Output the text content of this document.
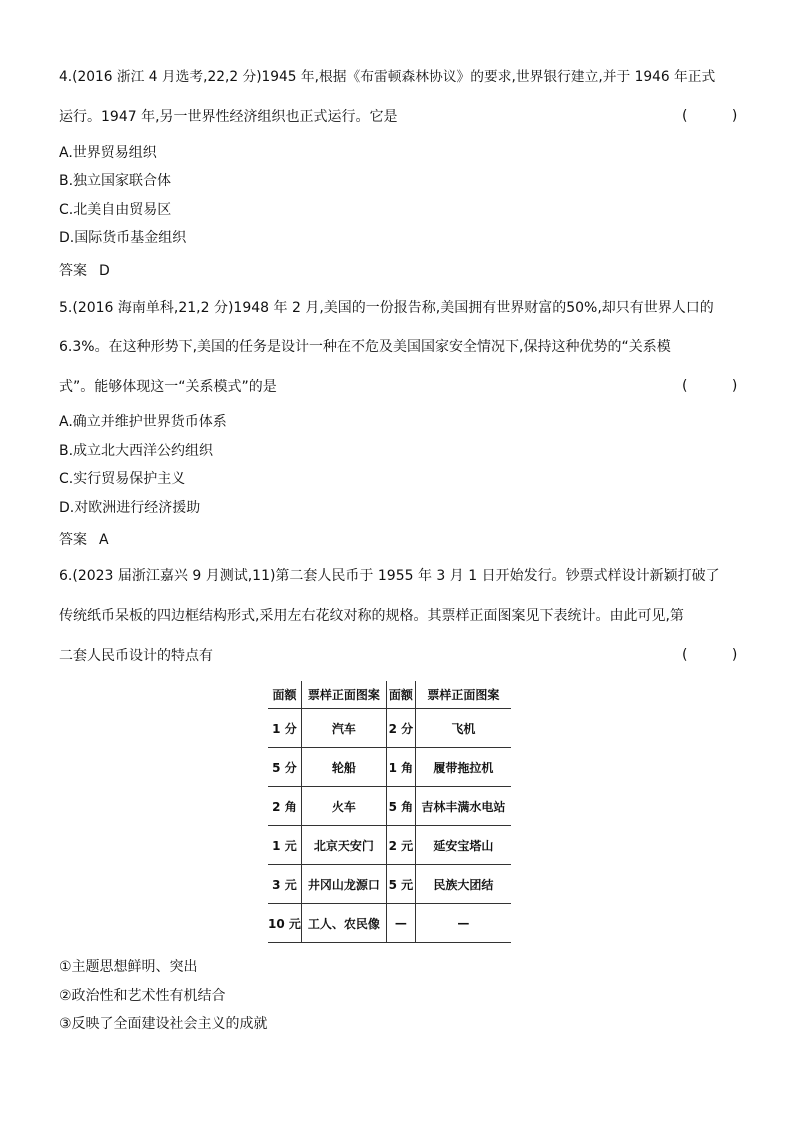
4.(2016 浙江 4 月选考,22,2 分)1945 年,根据《布雷顿森林协议》的要求,世界银行建立,并于 1946 年正式
运行。1947 年,另一世界性经济组织也正式运行。它是	( )
A.世界贸易组织
B.独立国家联合体
C.北美自由贸易区
D.国际货币基金组织
答案 D
5.(2016 海南单科,21,2 分)1948 年 2 月,美国的一份报告称,美国拥有世界财富的50%,却只有世界人口的
6.3%。在这种形势下,美国的任务是设计一种在不危及美国国家安全情况下,保持这种优势的“关系模
式”。能够体现这一“关系模式”的是	( )
A.确立并维护世界货币体系
B.成立北大西洋公约组织
C.实行贸易保护主义
D.对欧洲进行经济援助
答案 A
6.(2023 届浙江嘉兴 9 月测试,11)第二套人民币于 1955 年 3 月 1 日开始发行。钞票式样设计新颖打破了
传统纸币呆板的四边框结构形式,采用左右花纹对称的规格。其票样正面图案见下表统计。由此可见,第
二套人民币设计的特点有	( )
面额	票样正面图案	面额	票样正面图案
1 分	汽车	2 分	飞机
5 分	轮船	1 角	履带拖拉机
2 角	火车	5 角	吉林丰满水电站
1 元	北京天安门	2 元	延安宝塔山
3 元	井冈山龙源口	5 元	民族大团结
10 元	工人、农民像	—	—
①主题思想鲜明、突出
②政治性和艺术性有机结合
③反映了全面建设社会主义的成就
